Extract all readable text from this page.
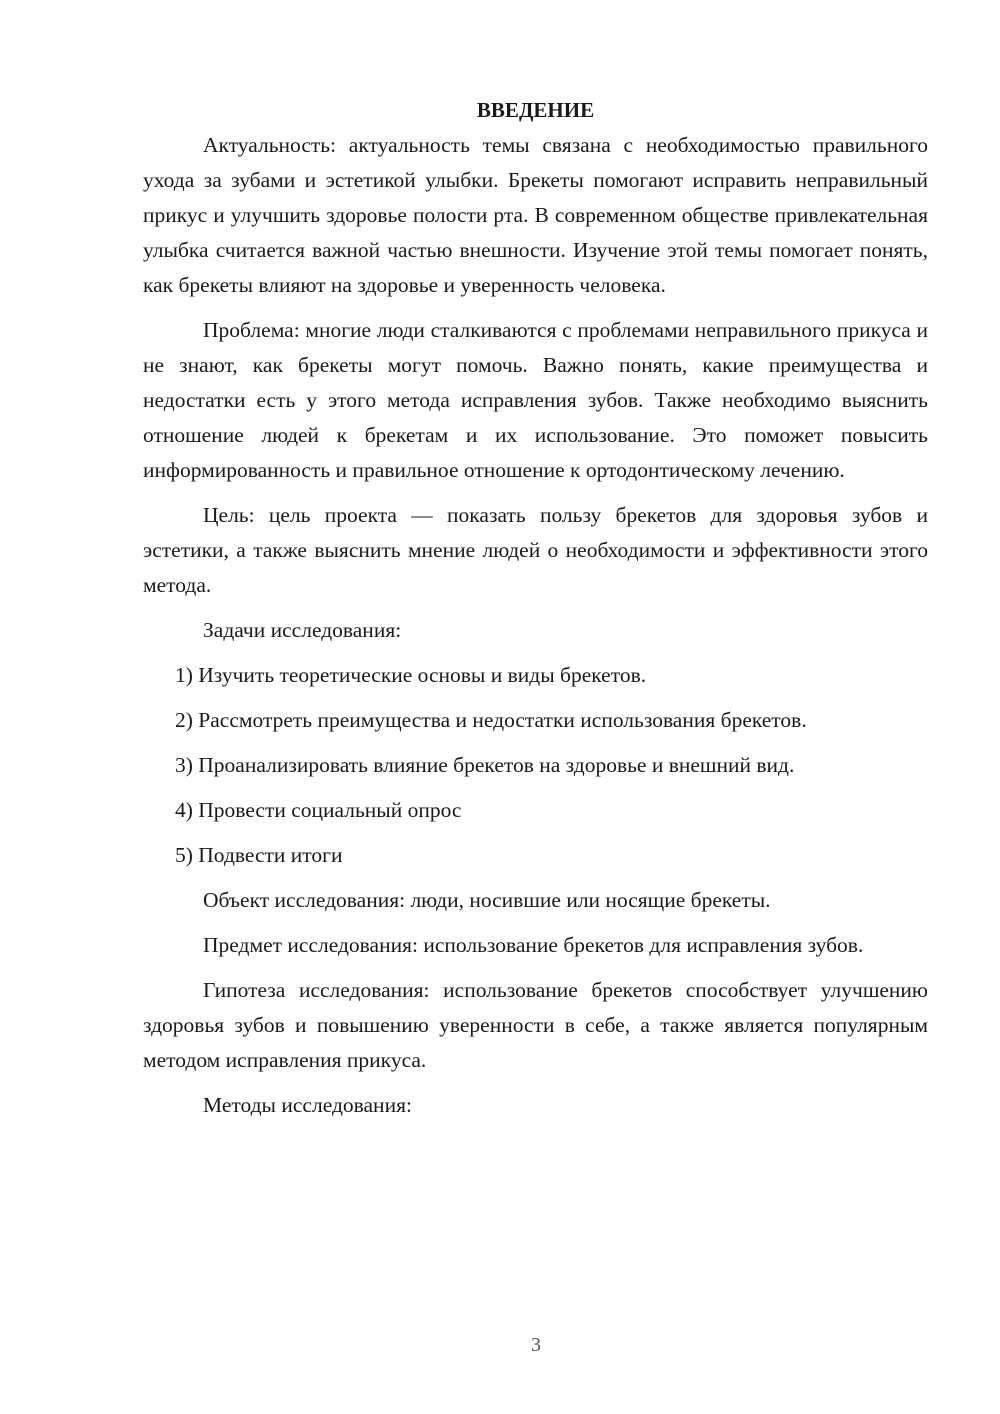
ВВЕДЕНИЕ

Актуальность: актуальность темы связана с необходимостью правильного ухода за зубами и эстетикой улыбки. Брекеты помогают исправить неправильный прикус и улучшить здоровье полости рта. В современном обществе привлекательная улыбка считается важной частью внешности. Изучение этой темы помогает понять, как брекеты влияют на здоровье и уверенность человека.

Проблема: многие люди сталкиваются с проблемами неправильного прикуса и не знают, как брекеты могут помочь. Важно понять, какие преимущества и недостатки есть у этого метода исправления зубов. Также необходимо выяснить отношение людей к брекетам и их использование. Это поможет повысить информированность и правильное отношение к ортодонтическому лечению.

Цель: цель проекта — показать пользу брекетов для здоровья зубов и эстетики, а также выяснить мнение людей о необходимости и эффективности этого метода.

Задачи исследования:

1) Изучить теоретические основы и виды брекетов.
2) Рассмотреть преимущества и недостатки использования брекетов.
3) Проанализировать влияние брекетов на здоровье и внешний вид.
4) Провести социальный опрос
5) Подвести итоги

Объект исследования: люди, носившие или носящие брекеты.

Предмет исследования: использование брекетов для исправления зубов.

Гипотеза исследования: использование брекетов способствует улучшению здоровья зубов и повышению уверенности в себе, а также является популярным методом исправления прикуса.

Методы исследования:

3
